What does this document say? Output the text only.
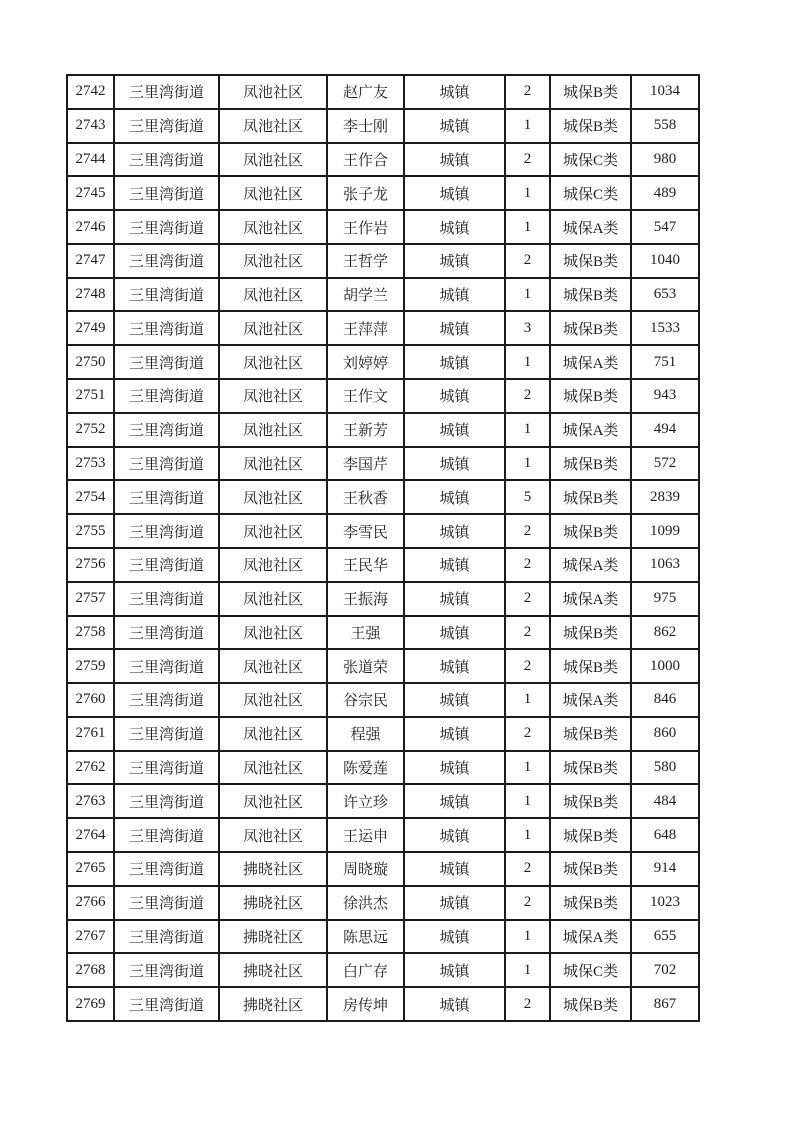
2742	三里湾街道	凤池社区	赵广友	城镇	2	城保B类	1034
2743	三里湾街道	凤池社区	李士刚	城镇	1	城保B类	558
2744	三里湾街道	凤池社区	王作合	城镇	2	城保C类	980
2745	三里湾街道	凤池社区	张子龙	城镇	1	城保C类	489
2746	三里湾街道	凤池社区	王作岩	城镇	1	城保A类	547
2747	三里湾街道	凤池社区	王哲学	城镇	2	城保B类	1040
2748	三里湾街道	凤池社区	胡学兰	城镇	1	城保B类	653
2749	三里湾街道	凤池社区	王萍萍	城镇	3	城保B类	1533
2750	三里湾街道	凤池社区	刘婷婷	城镇	1	城保A类	751
2751	三里湾街道	凤池社区	王作文	城镇	2	城保B类	943
2752	三里湾街道	凤池社区	王新芳	城镇	1	城保A类	494
2753	三里湾街道	凤池社区	李国芹	城镇	1	城保B类	572
2754	三里湾街道	凤池社区	王秋香	城镇	5	城保B类	2839
2755	三里湾街道	凤池社区	李雪民	城镇	2	城保B类	1099
2756	三里湾街道	凤池社区	王民华	城镇	2	城保A类	1063
2757	三里湾街道	凤池社区	王振海	城镇	2	城保A类	975
2758	三里湾街道	凤池社区	王强	城镇	2	城保B类	862
2759	三里湾街道	凤池社区	张道荣	城镇	2	城保B类	1000
2760	三里湾街道	凤池社区	谷宗民	城镇	1	城保A类	846
2761	三里湾街道	凤池社区	程强	城镇	2	城保B类	860
2762	三里湾街道	凤池社区	陈爱莲	城镇	1	城保B类	580
2763	三里湾街道	凤池社区	许立珍	城镇	1	城保B类	484
2764	三里湾街道	凤池社区	王运申	城镇	1	城保B类	648
2765	三里湾街道	拂晓社区	周晓璇	城镇	2	城保B类	914
2766	三里湾街道	拂晓社区	徐洪杰	城镇	2	城保B类	1023
2767	三里湾街道	拂晓社区	陈思远	城镇	1	城保A类	655
2768	三里湾街道	拂晓社区	白广存	城镇	1	城保C类	702
2769	三里湾街道	拂晓社区	房传坤	城镇	2	城保B类	867
